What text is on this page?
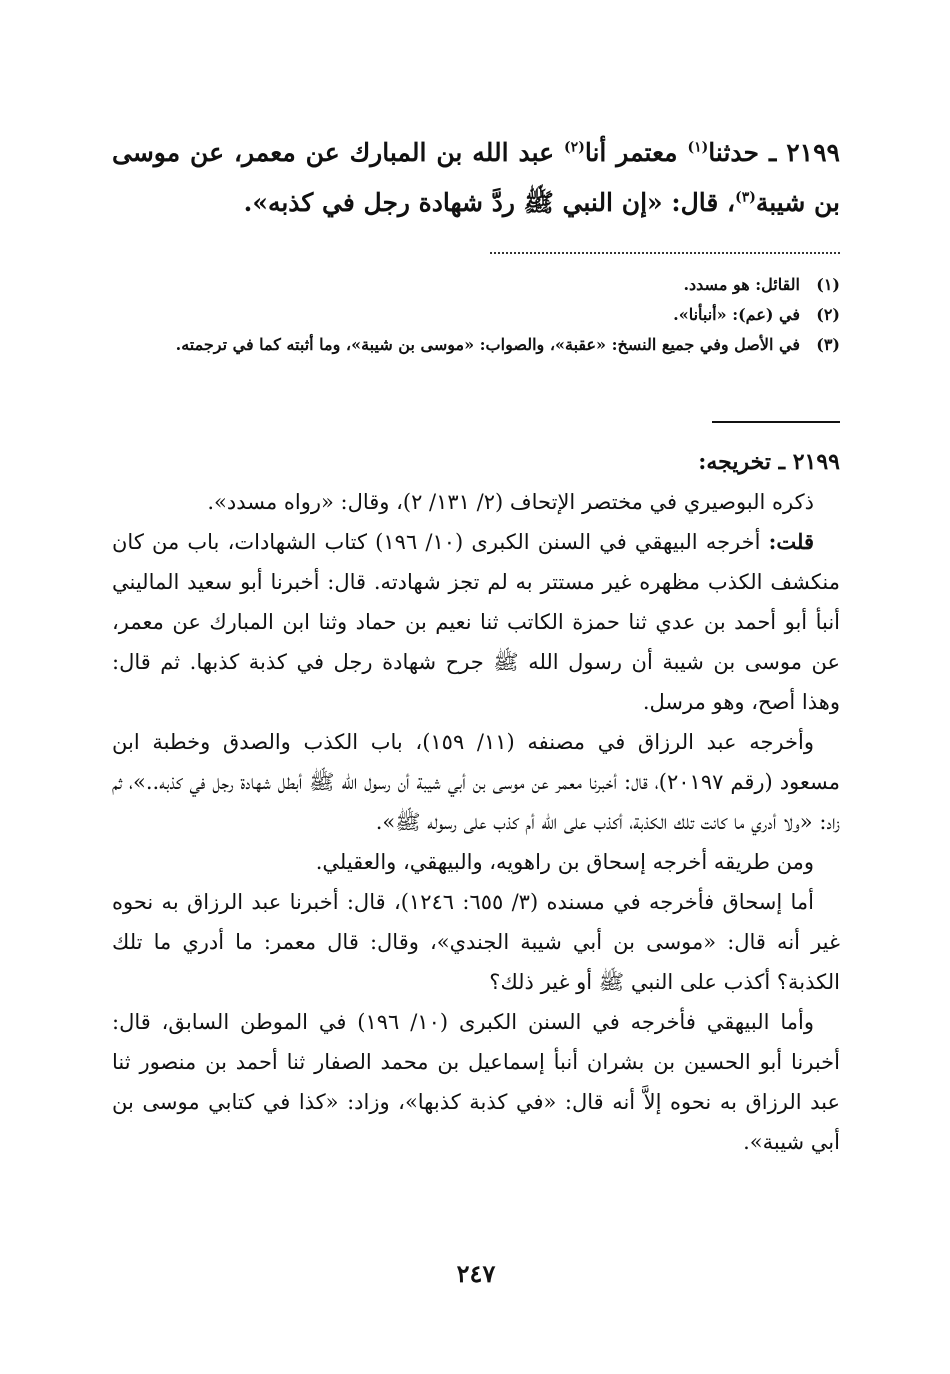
٢١٩٩ ـ حدثنا$^{(١)}$ معتمر أنا$^{(٢)}$ عبد الله بن المبارك عن معمر، عن موسى بن شيبة$^{(٣)}$، قال: «إن النبي ﷺ ردَّ شهادة رجل في كذبه».
(١)
القائل: هو مسدد.
(٢)
في (عم): «أنبأنا».
(٣)
في الأصل وفي جميع النسخ: «عقبة»، والصواب: «موسى بن شيبة»، وما أثبته كما في ترجمته.
٢١٩٩ ـ تخريجه:

ذكره البوصيري في مختصر الإتحاف (٢/ ١٣١/ ٢)، وقال: «رواه مسدد».

قلت: أخرجه البيهقي في السنن الكبرى (١٠/ ١٩٦) كتاب الشهادات، باب من كان منكشف الكذب مظهره غير مستتر به لم تجز شهادته. قال: أخبرنا أبو سعيد الماليني أنبأ أبو أحمد بن عدي ثنا حمزة الكاتب ثنا نعيم بن حماد وثنا ابن المبارك عن معمر، عن موسى بن شيبة أن رسول الله ﷺ جرح شهادة رجل في كذبة كذبها. ثم قال: وهذا أصح، وهو مرسل.

وأخرجه عبد الرزاق في مصنفه (١١/ ١٥٩)، باب الكذب والصدق وخطبة ابن مسعود (رقم ٢٠١٩٧)، قال: أخبرنا معمر عن موسى بن أبي شيبة أن رسول الله ﷺ أبطل شهادة رجل في كذبه..»، ثم زاد: «ولا أدري ما كانت تلك الكذبة، أكذب على الله أم كذب على رسوله ﷺ».

ومن طريقه أخرجه إسحاق بن راهويه، والبيهقي، والعقيلي.

أما إسحاق فأخرجه في مسنده (٣/ ٦٥٥: ١٢٤٦)، قال: أخبرنا عبد الرزاق به نحوه غير أنه قال: «موسى بن أبي شيبة الجندي»، وقال: قال معمر: ما أدري ما تلك الكذبة؟ أكذب على النبي ﷺ أو غير ذلك؟

وأما البيهقي فأخرجه في السنن الكبرى (١٠/ ١٩٦) في الموطن السابق، قال: أخبرنا أبو الحسين بن بشران أنبأ إسماعيل بن محمد الصفار ثنا أحمد بن منصور ثنا عبد الرزاق به نحوه إلاَّ أنه قال: «في كذبة كذبها»، وزاد: «كذا في كتابي موسى بن أبي شيبة».

٢٤٧
